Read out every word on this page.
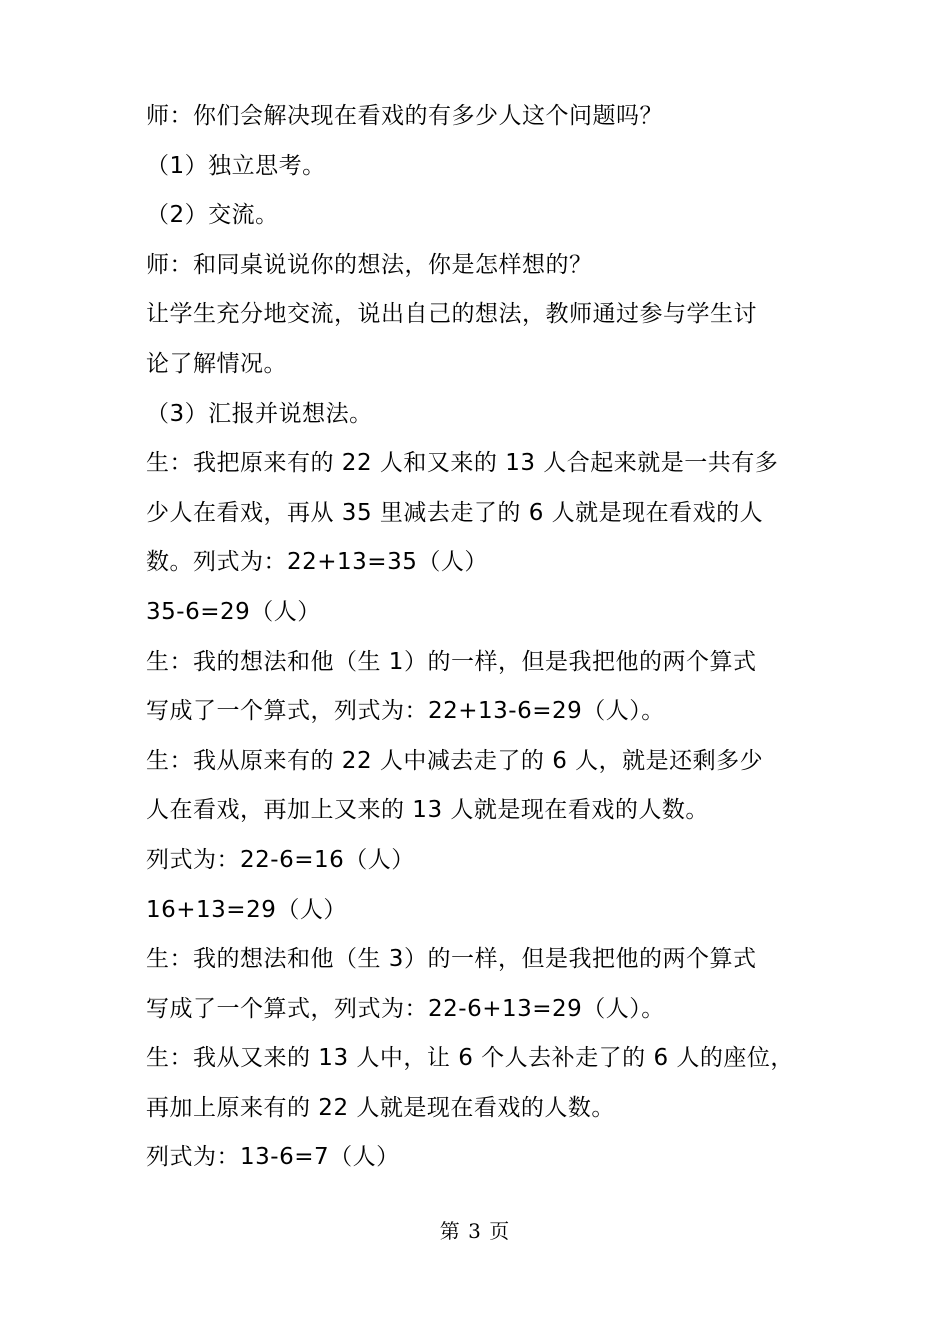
师：你们会解决现在看戏的有多少人这个问题吗？
（1）独立思考。
（2）交流。
师：和同桌说说你的想法，你是怎样想的？
让学生充分地交流，说出自己的想法，教师通过参与学生讨
论了解情况。
（3）汇报并说想法。
生：我把原来有的 22 人和又来的 13 人合起来就是一共有多
少人在看戏，再从 35 里减去走了的 6 人就是现在看戏的人
数。列式为：22+13=35（人）
35-6=29（人）
生：我的想法和他（生 1）的一样，但是我把他的两个算式
写成了一个算式，列式为：22+13-6=29（人）。
生：我从原来有的 22 人中减去走了的 6 人，就是还剩多少
人在看戏，再加上又来的 13 人就是现在看戏的人数。
列式为：22-6=16（人）
16+13=29（人）
生：我的想法和他（生 3）的一样，但是我把他的两个算式
写成了一个算式，列式为：22-6+13=29（人）。
生：我从又来的 13 人中，让 6 个人去补走了的 6 人的座位，
再加上原来有的 22 人就是现在看戏的人数。
列式为：13-6=7（人）
第 3 页
